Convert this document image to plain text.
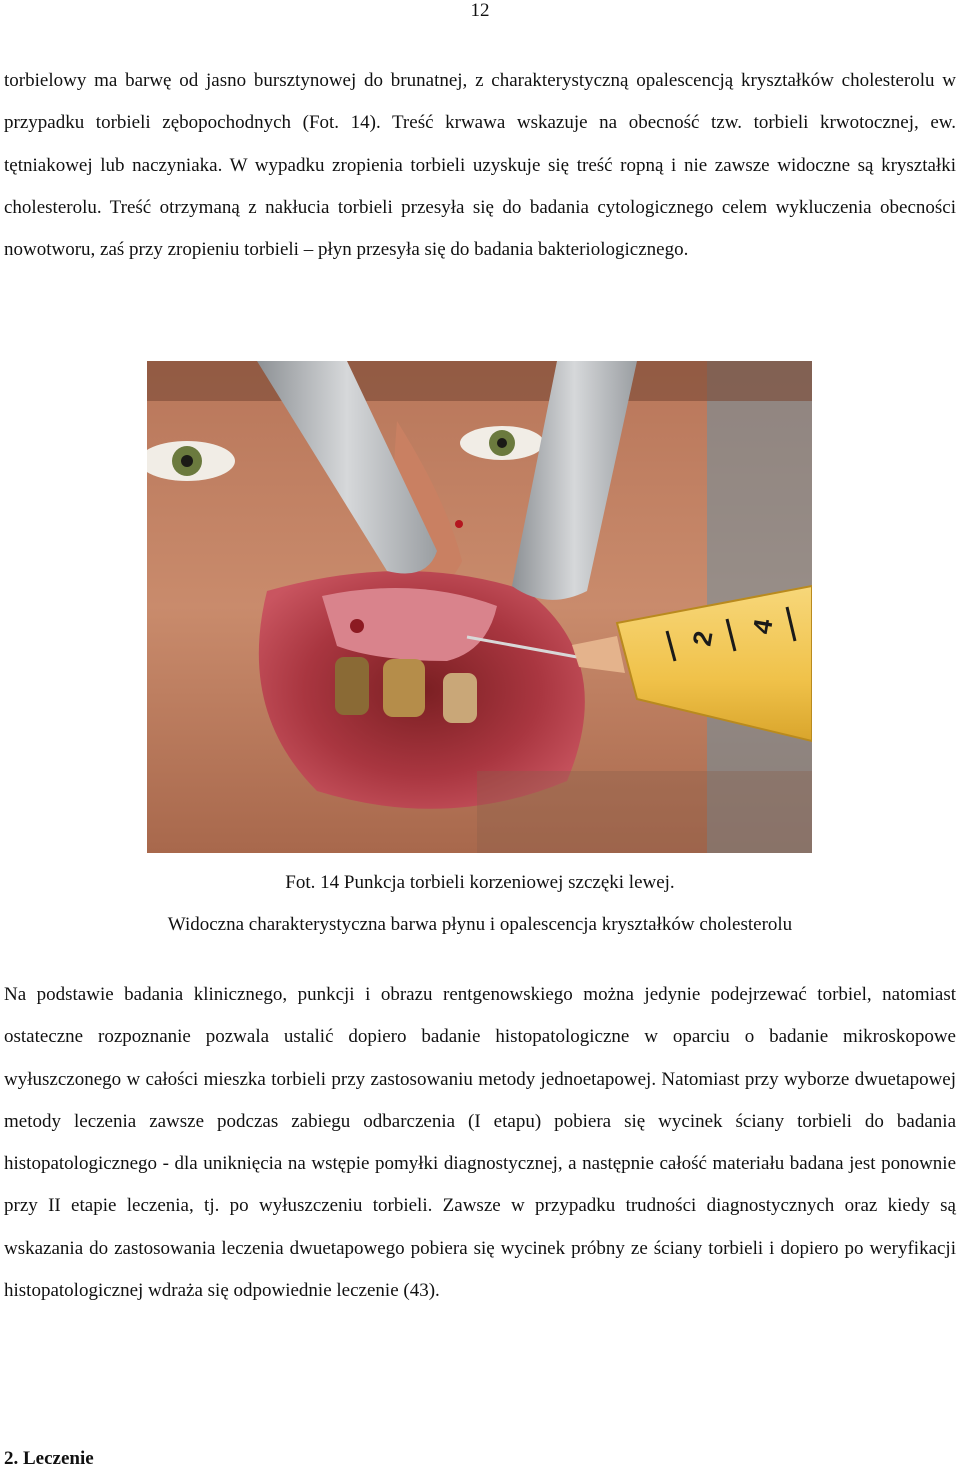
12

torbielowy ma barwę od jasno bursztynowej do brunatnej, z charakterystyczną opalescencją kryształków cholesterolu w przypadku torbieli zębopochodnych (Fot. 14). Treść krwawa wskazuje na obecność tzw. torbieli krwotocznej, ew. tętniakowej lub naczyniaka. W wypadku zropienia torbieli uzyskuje się treść ropną i nie zawsze widoczne są kryształki cholesterolu. Treść otrzymaną z nakłucia torbieli przesyła się do badania cytologicznego celem wykluczenia obecności nowotworu, zaś przy zropieniu torbieli – płyn przesyła się do badania bakteriologicznego.

2
4

Fot. 14 Punkcja torbieli korzeniowej szczęki lewej.

Widoczna charakterystyczna barwa płynu i opalescencja kryształków cholesterolu

Na podstawie badania klinicznego, punkcji i obrazu rentgenowskiego można jedynie podejrzewać torbiel, natomiast ostateczne rozpoznanie pozwala ustalić dopiero badanie histopatologiczne w oparciu o badanie mikroskopowe wyłuszczonego w całości mieszka torbieli przy zastosowaniu metody jednoetapowej. Natomiast przy wyborze dwuetapowej metody leczenia zawsze podczas zabiegu odbarczenia (I etapu) pobiera się wycinek ściany torbieli do badania histopatologicznego - dla uniknięcia na wstępie pomyłki diagnostycznej, a następnie całość materiału badana jest ponownie przy II etapie leczenia, tj. po wyłuszczeniu torbieli. Zawsze w przypadku trudności diagnostycznych oraz kiedy są wskazania do zastosowania leczenia dwuetapowego pobiera się wycinek próbny ze ściany torbieli i dopiero po weryfikacji histopatologicznej wdraża się odpowiednie leczenie (43).

2. Leczenie
